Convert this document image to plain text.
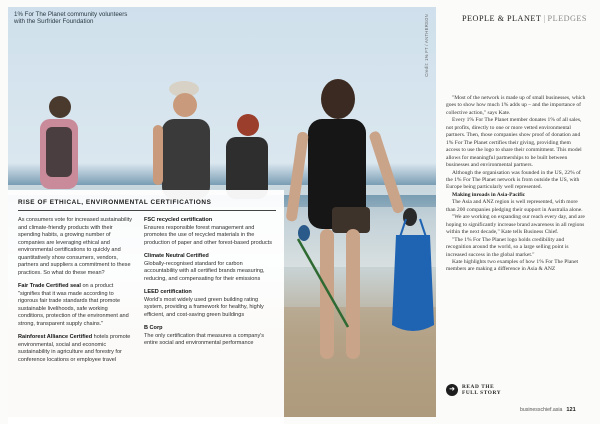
1% For The Planet community volunteers with the Surfrider Foundation	Credit: 1% FT / ANTHERSON
RISE OF ETHICAL, ENVIRONMENTAL CERTIFICATIONS

As consumers vote for increased sustainability and climate-friendly products with their spending habits, a growing number of companies are leveraging ethical and environmental certifications to quickly and quantitatively show consumers, vendors, partners and suppliers a commitment to these practices. So what do these mean?

Fair Trade Certified seal on a product "signifies that it was made according to rigorous fair trade standards that promote sustainable livelihoods, safe working conditions, protection of the environment and strong, transparent supply chains."

Rainforest Alliance Certified hotels promote environmental, social and economic sustainability in agriculture and forestry for conference locations or employee travel

FSC recycled certification
Ensures responsible forest management and promotes the use of recycled materials in the production of paper and other forest-based products

Climate Neutral Certified
Globally-recognised standard for carbon accountability with all certified brands measuring, reducing, and compensating for their emissions

LEED certification
World's most widely used green building rating system, providing a framework for healthy, highly efficient, and cost-saving green buildings

B Corp
The only certification that measures a company's entire social and environmental performance

PEOPLE & PLANET | PLEDGES

"Most of the network is made up of small businesses, which goes to show how much 1% adds up – and the importance of collective action," says Kate.

Every 1% For The Planet member donates 1% of all sales, not profits, directly to one or more vetted environmental partners. Then, those companies show proof of donation and 1% For The Planet certifies their giving, providing them access to use the logo to share their commitment. This model allows for meaningful partnerships to be built between businesses and environmental partners.

Although the organisation was founded in the US, 22% of the 1% For The Planet network is from outside the US, with Europe being particularly well represented.

Making inroads in Asia-Pacific

The Asia and ANZ region is well represented, with more than 200 companies pledging their support in Australia alone.

"We are working on expanding our reach every day, and are hoping to significantly increase brand awareness in all regions within the next decade," Kate tells Business Chief.

"The 1% For The Planet logo holds credibility and recognition around the world, so a large selling point is increased success in the global market."

Kate highlights two examples of how 1% For The Planet members are making a difference in Asia & ANZ

➜	READ THE FULL STORY
businesschief.asia 121
